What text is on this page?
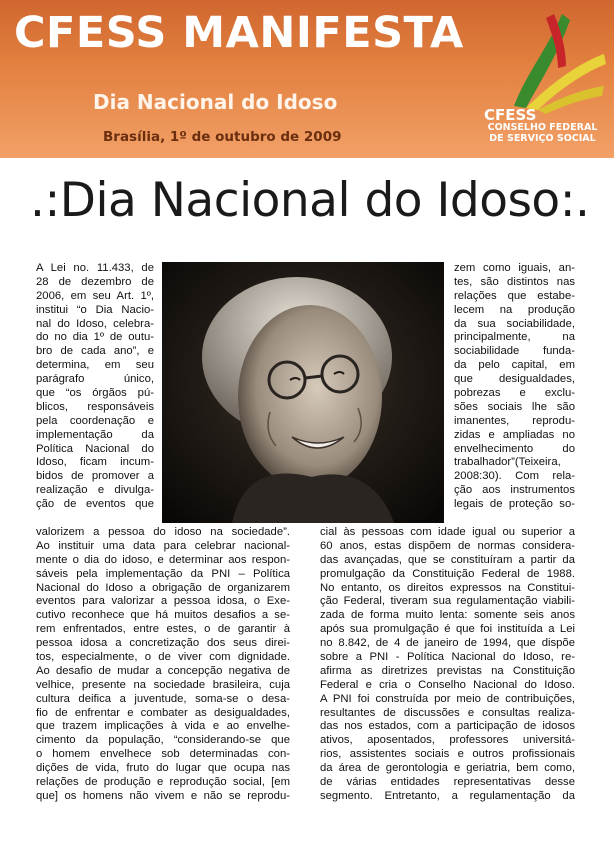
CFESS MANIFESTA
Dia Nacional do Idoso
Brasília, 1º de outubro de 2009
CFESS
CONSELHO FEDERAL
DE SERVIÇO SOCIAL
.:Dia Nacional do Idoso:.
A Lei no. 11.433, de
28 de dezembro de
2006, em seu Art. 1º,
institui “o Dia Nacio-
nal do Idoso, celebra-
do no dia 1º de outu-
bro de cada ano”, e
determina, em seu
parágrafo único,
que “os órgãos pú-
blicos, responsáveis
pela coordenação e
implementação da
Política Nacional do
Idoso, ficam incum-
bidos de promover a
realização e divulga-
ção de eventos que
valorizem a pessoa do idoso na sociedade”.
Ao instituir uma data para celebrar nacional-
mente o dia do idoso, e determinar aos respon-
sáveis pela implementação da PNI – Política
Nacional do Idoso a obrigação de organizarem
eventos para valorizar a pessoa idosa, o Exe-
cutivo reconhece que há muitos desafios a se-
rem enfrentados, entre estes, o de garantir à
pessoa idosa a concretização dos seus direi-
tos, especialmente, o de viver com dignidade.
Ao desafio de mudar a concepção negativa de
velhice, presente na sociedade brasileira, cuja
cultura deifica a juventude, soma-se o desa-
fio de enfrentar e combater as desigualdades,
que trazem implicações à vida e ao envelhe-
cimento da população, “considerando-se que
o homem envelhece sob determinadas con-
dições de vida, fruto do lugar que ocupa nas
relações de produção e reprodução social, [em
que] os homens não vivem e não se reprodu-
zem como iguais, an-
tes, são distintos nas
relações que estabe-
lecem na produção
da sua sociabilidade,
principalmente, na
sociabilidade funda-
da pelo capital, em
que desigualdades,
pobrezas e exclu-
sões sociais lhe são
imanentes, reprodu-
zidas e ampliadas no
envelhecimento do
trabalhador”(Teixeira,
2008:30). Com rela-
ção aos instrumentos
legais de proteção so-
cial às pessoas com idade igual ou superior a
60 anos, estas dispõem de normas considera-
das avançadas, que se constituíram a partir da
promulgação da Constituição Federal de 1988.
No entanto, os direitos expressos na Constitui-
ção Federal, tiveram sua regulamentação viabili-
zada de forma muito lenta: somente seis anos
após sua promulgação é que foi instituída a Lei
no 8.842, de 4 de janeiro de 1994, que dispõe
sobre a PNI - Política Nacional do Idoso, re-
afirma as diretrizes previstas na Constituição
Federal e cria o Conselho Nacional do Idoso.
A PNI foi construída por meio de contribuições,
resultantes de discussões e consultas realiza-
das nos estados, com a participação de idosos
ativos, aposentados, professores universitá-
rios, assistentes sociais e outros profissionais
da área de gerontologia e geriatria, bem como,
de várias entidades representativas desse
segmento. Entretanto, a regulamentação da
